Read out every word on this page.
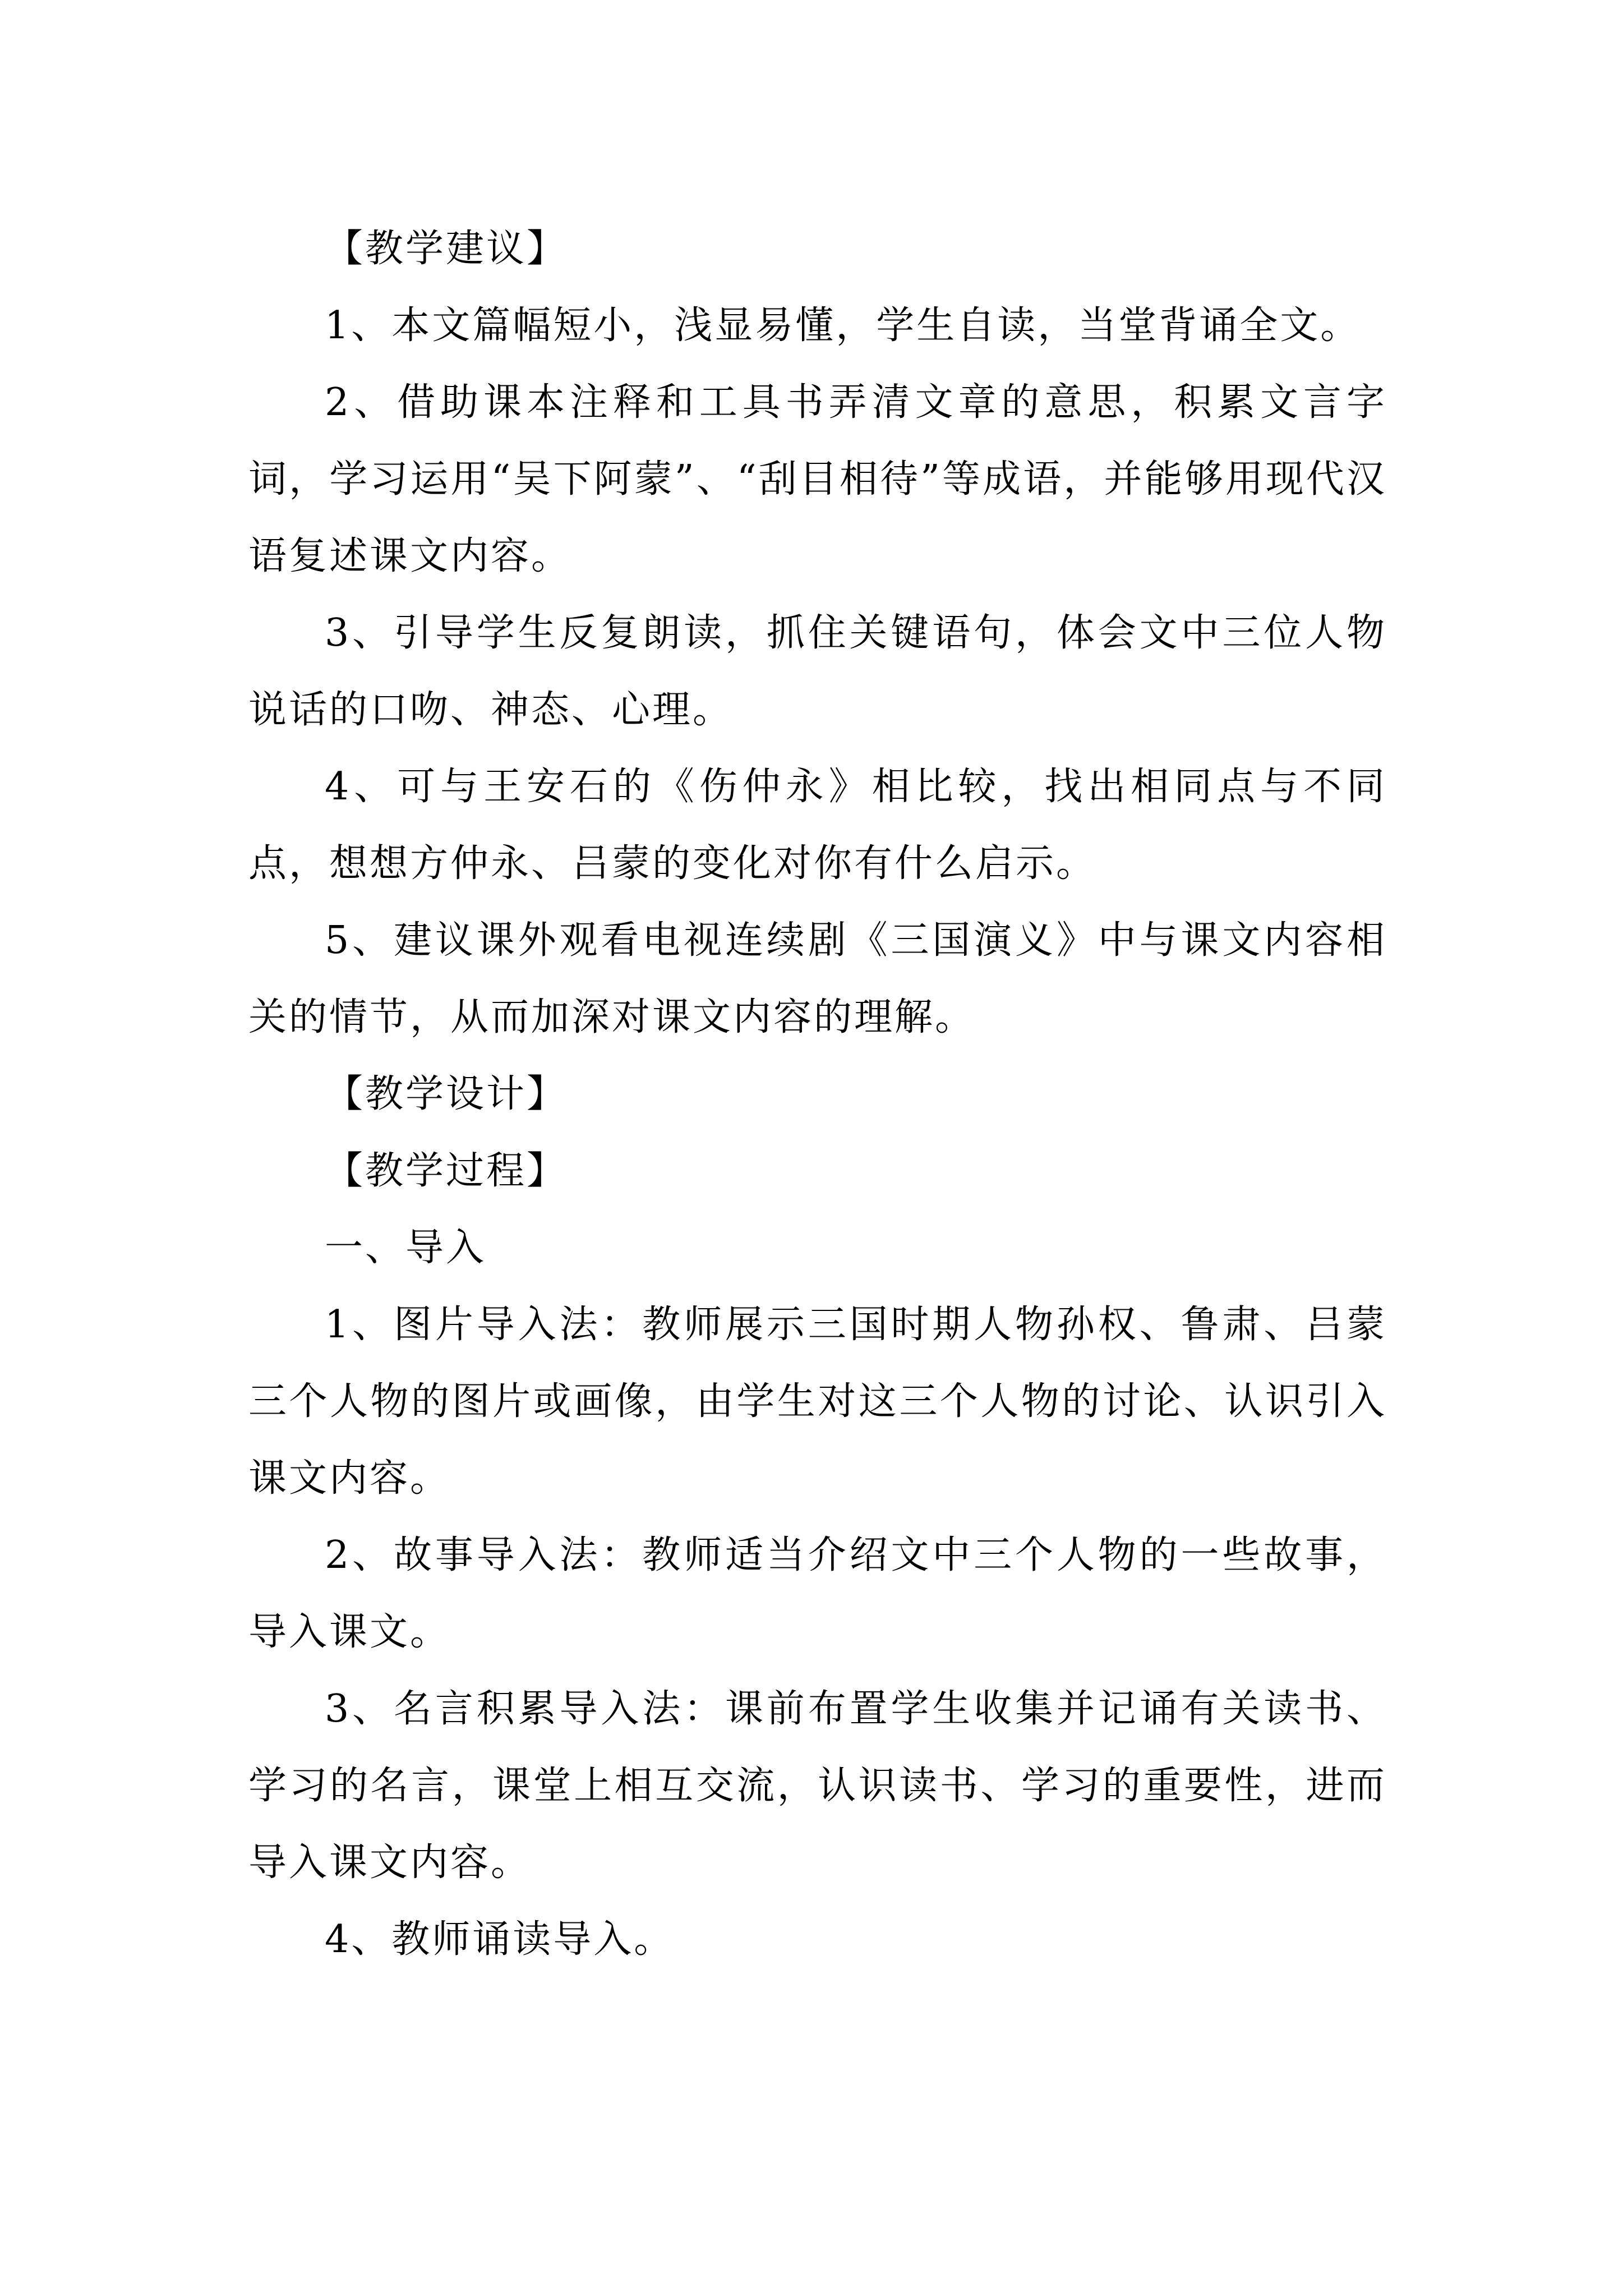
【教学建议】

1、本文篇幅短小，浅显易懂，学生自读，当堂背诵全文。

2、借助课本注释和工具书弄清文章的意思，积累文言字词，学习运用“吴下阿蒙”、“刮目相待”等成语，并能够用现代汉语复述课文内容。

3、引导学生反复朗读，抓住关键语句，体会文中三位人物说话的口吻、神态、心理。

4、可与王安石的《伤仲永》相比较，找出相同点与不同点，想想方仲永、吕蒙的变化对你有什么启示。

5、建议课外观看电视连续剧《三国演义》中与课文内容相关的情节，从而加深对课文内容的理解。

【教学设计】

【教学过程】

一、导入

1、图片导入法：教师展示三国时期人物孙权、鲁肃、吕蒙三个人物的图片或画像，由学生对这三个人物的讨论、认识引入课文内容。

2、故事导入法：教师适当介绍文中三个人物的一些故事，导入课文。

3、名言积累导入法：课前布置学生收集并记诵有关读书、学习的名言，课堂上相互交流，认识读书、学习的重要性，进而导入课文内容。

4、教师诵读导入。
